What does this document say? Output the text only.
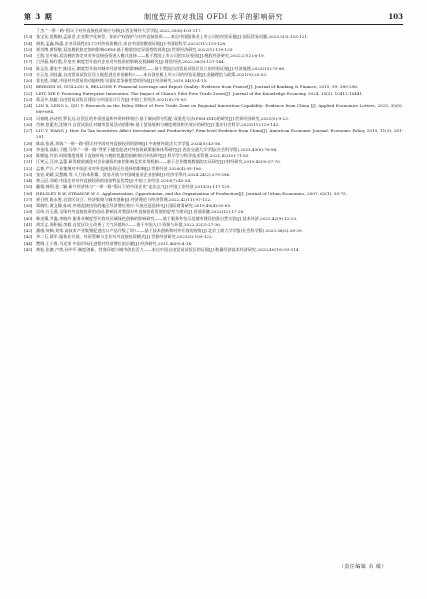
第 3 期	制度型开放对我国 OFDI 水平的影响研究	103
丁杰.“一带一路”倡议下对外直接投资效应分析[J].西安财经大学学报,2022,35(6):103-117.
[13] 张宝友,范梅娟,孟丽君.企业数字化转型、知识产权保护与对外直接投资——来自中国服务业上市公司的经验证据[J].国际贸易问题,2023,5(3):103-121.
[14] 胡狄,孟鑫,杨惠.企业异质性出口与对外投资模式:来自中国的微观证据[J].中国软科学,2022(11):119-128.
[15] 崔肖博,黄智敏.双边税收协定如何影响OFDI:基于税收协定异质性的视角[J].世界经济研究,2022(1):119-133.
[16] 王凯,岳中刚.双边税收协定对对外直接投资进入模式选择——基于我国上市公司的实证检验[J].税收经济研究,2022,27(2):8-19.
[17] 吕洪燕,杨红霞,乔金杰.制度型开放对企业对外投资的影响及机制研究[J].财贸经济,2022,36(9):137-144.
[18] 陈正浩,董宏宇,陈国元.制度型开放对城市经济效率的影响研究——基于我国自由贸易试验区设立的经验证据[J].经济地理,2023(10):75-88.
[19] 方云龙,刘佳鑫.自由贸易试验区设立能促进企业创新吗?——来自创业板上市公司的经验证据[J].金融理论与政策,2021(9):25-33.
[20] 姜长胜,刘斌.中国对外贸易的动能转换与国际竞争新优势的形成[J].经济研究,2019,54(5):4-15.
[21] BERNINI M, GUILLOU S, BELLONE F. Financial Leverage and Export Quality: Evidence from France[J]. Journal of Banking & Finance, 2015, 59: 280-296.
[22] LEIT, XIE P. Fostering Enterprise Innovation: The Impact of China’s Pilot Free Trade Zones[J]. Journal of the Knowledge Economy, 2024, 15(3): 10412-10441.
[23] 蒋灵多,陆毅.自由贸易试验区建设与中国出口行为[J].中国工业经济,2021(8):75-93.
[24] LIN X, LENG L, QIU Y. Research on the Policy Effect of Free Trade Zone on Regional Innovation Capability: Evidence from China [J]. Applied Economics Letters, 2023, 30(5): 689-694.
[25] 司春晓,孙诗怡,罗长远.自贸区的外资创造和外资转移效应:基于倾向得分匹配-双重差分法(PSM-DID)的研究[J].世界经济研究,2021(5):9-23.
[26] 肖林,常素杰,沈锦丹.自贸试验区对城市贸易活动的影响:基于贸易规则与制度规则相关效应的研究[J].重庆社会科学,2023(11):129-143.
[27] LIU Y, WANG J. How Do Tax Incentives Affect Investment and Productivity? Firm-level Evidence from China[J]. American Economic Journal: Economic Policy, 2019, 11(3): 261-291.
[28] 陈高,张燕,刘瑞.“一带一路”倡议对中国对外直接投资的影响[J].中南财经政法大学学报,2024(5):43-56.
[29] 李金雨,高阳,于健,马华.“一带一路”背景下捷克促进对外投资政策服务体系研究[J].西安交通大学学报(社会科学版),2023,43(6):78-94.
[30] 陈朝旭,许治.时间维度视角下直接补贴与税收优惠的创新效应评估研究[J].科学学与科学技术管理,2021,42(10):71-83.
[31] 江笑云,汪冲,孟蕾.研发税收减免对企业融资约束的影响及其作用机制——基于企业微观数据的实证研究[J].财经研究,2019,45(9):57-70.
[32] 孟寒,严兵.产业集聚对中国企业对外直接投资区位选择的影响[J].世界经济,2020(4):95-106.
[33] 张宏,胡斌,吴慧梅,等.人力资本积累、贸易开放与中国制造业企业创新[J].经济学季刊,2024,24(2):379-394.
[34] 黄云辰,刘萌.中国企业对外直接投资的国家特征优势[J].中国工业经济,2010(7):45-54.
[35] 戴翔,韩剑,金二颖.新兴经济体与“一带一路”倡议下的中国企业“走出去”[J].中国工业经济,2015(3):117-129.
[36] HELSLEY R W, STRANGE W C. Agglomeration, Opportunism, and the Organization of Production[J]. Journal of Urban Economics, 2007, 62(1): 55-75.
[37] 崔日明,陈永胜.自贸区设立、经济集聚与城市创新[J].经济理论与经济管理,2022,42(11):97-112.
[38] 郑晓红,黄文静,孙成.外商直接投资的地区经济增长效应:开放还是选择?[J].国际商务研究,2019,40(4):55-65.
[39] 吴伟,白玉燕.全球对外直接投资的动因:影响及对我国对外直接投资发展的思考与建议[J].西部金融,2023(12):17-28.
[40] 韩光耀,尹鑫,李晓玲.服务业制度型开放对区域绿色创新的影响研究——基于服务外包示范城市建设的准自然实验[J].技术经济,2023,42(9):12-23.
[41] 胡宗义,周积福,李毅.自贸区设立改善了大气环境吗?——基于中国人口·资源与环境,2022,32(2):27-36.
[42] 潘康,何枫,刘荣.高技术产业集聚促进出口产品升级了吗?——基于技术创新和对外开放的视角[J].北京工商大学学报(社会科学版),2023,38(2):28-39.
[43] 齐二石,薛军.服务业开放、外资管制与企业对外直接投资模式[J].世界经济研究,2022(3):109-122.
[44] 樊纲,王小鲁,马光荣.中国市场化进程对经济增长的贡献[J].经济研究,2011,46(9):4-16.
[45] 黄松,张旗,卢茜,孙中平.制度创新、营商环境与城市创业活力——来自中国自由贸易试验区的证据[J].数量经济技术经济研究,2023,40(10):93-114.
（责任编辑 余 敏）
